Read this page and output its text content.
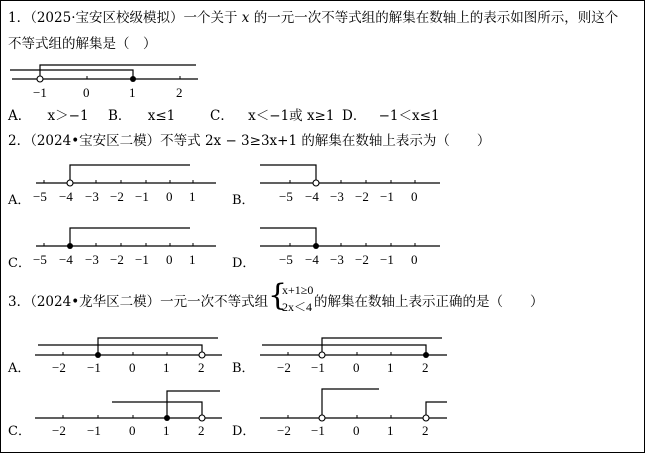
1．（2025·宝安区校级模拟）一个关于 x 的一元一次不等式组的解集在数轴上的表示如图所示，则这个
不等式组的解集是（　）
−1	0	1	2
A． x＞−1 B． x≤1	C． x＜−1或 x≥1 D． −1＜x≤1
2．（2024•宝安区二模）不等式 2x − 3≥3x+1 的解集在数轴上表示为（　　）
−5 −4 −3 −2 −1 0 1	−5 −4 −3 −2 −1 0
−5 −4 −3 −2 −1 0 1	−5 −4 −3 −2 −1 0
A．	B．
C．	D．
3．（2024•龙华区二模）一元一次不等式组 {
x+1≥0
2x＜4 的解集在数轴上表示正确的是（　　）
−2 −1 0 1 2	−2 −1 0 1 2
−2 −1 0 1 2	−2 −1 0 1 2
A．	B．
C．	D．
